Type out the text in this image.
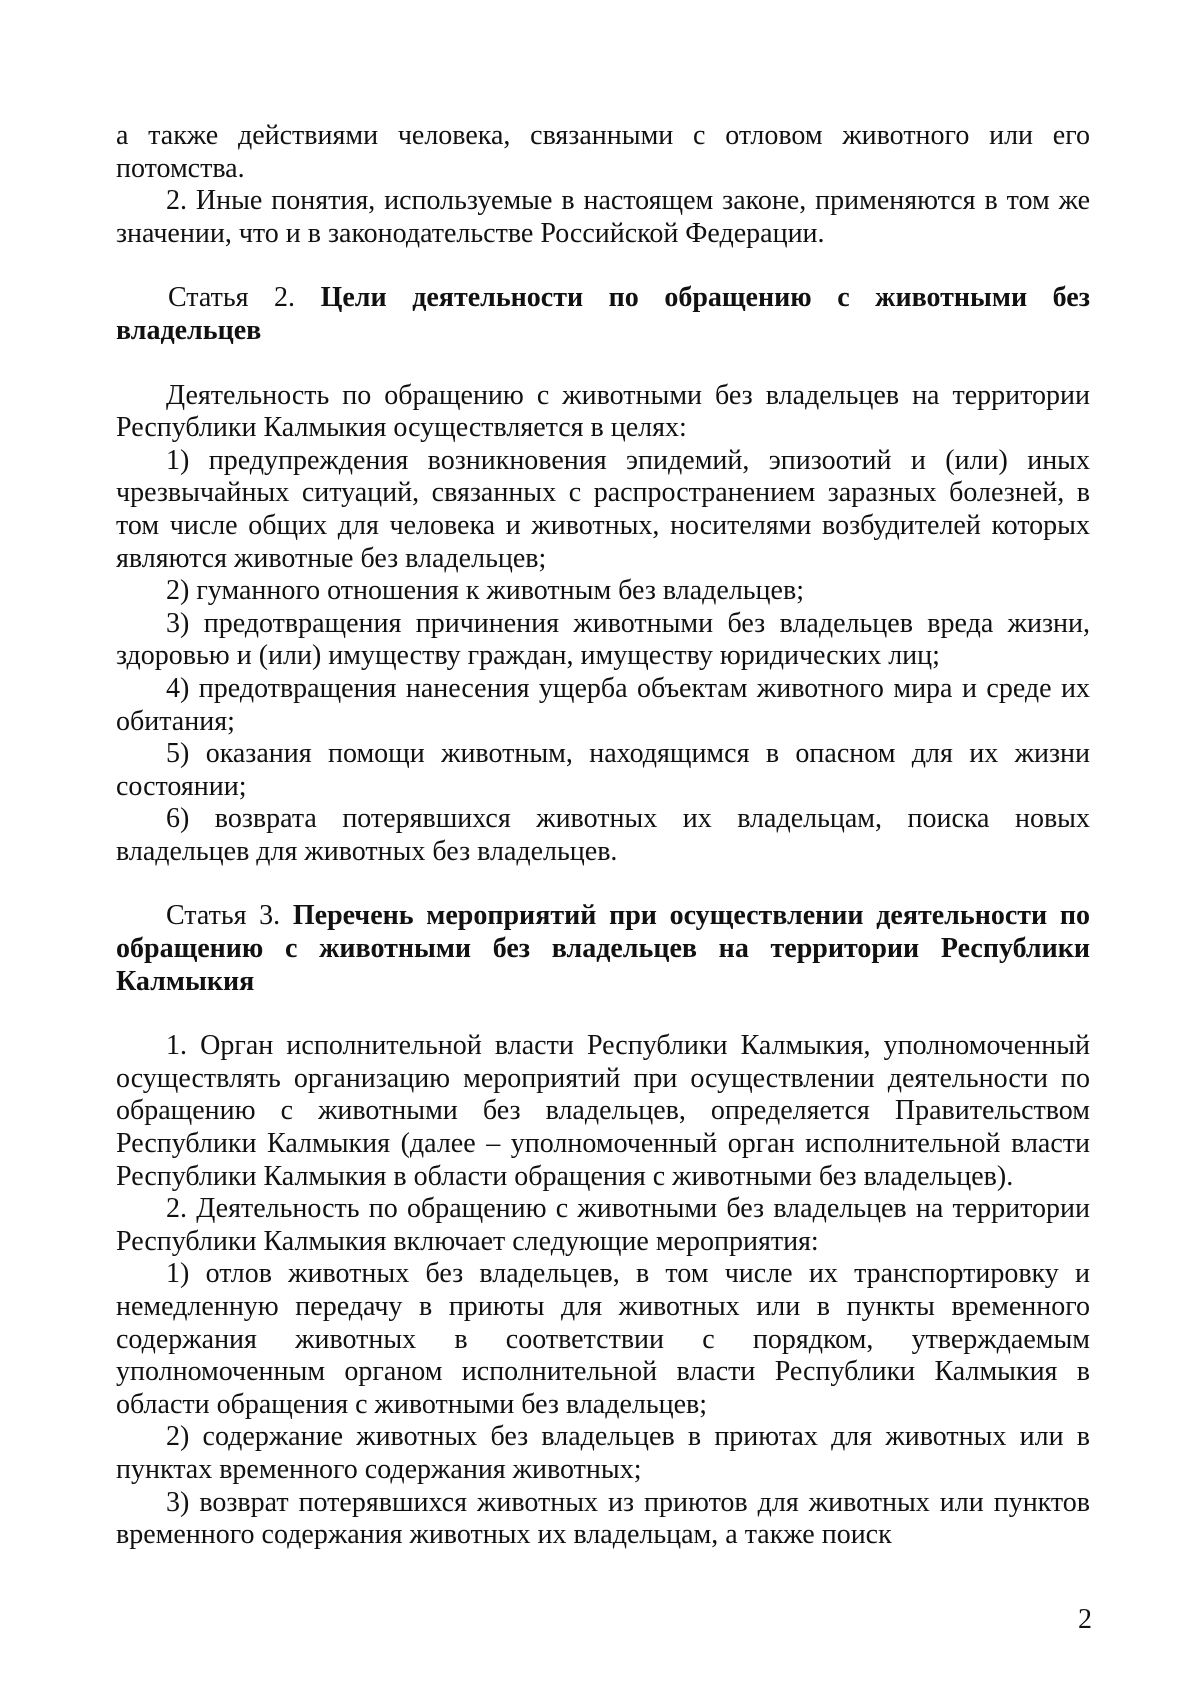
а также действиями человека, связанными с отловом животного или его потомства.

2. Иные понятия, используемые в настоящем законе, применяются в том же значении, что и в законодательстве Российской Федерации.

Статья 2. Цели деятельности по обращению с животными без владельцев

Деятельность по обращению с животными без владельцев на территории Республики Калмыкия осуществляется в целях:

1) предупреждения возникновения эпидемий, эпизоотий и (или) иных чрезвычайных ситуаций, связанных с распространением заразных болезней, в том числе общих для человека и животных, носителями возбудителей которых являются животные без владельцев;

2) гуманного отношения к животным без владельцев;

3) предотвращения причинения животными без владельцев вреда жизни, здоровью и (или) имуществу граждан, имуществу юридических лиц;

4) предотвращения нанесения ущерба объектам животного мира и среде их обитания;

5) оказания помощи животным, находящимся в опасном для их жизни состоянии;

6) возврата потерявшихся животных их владельцам, поиска новых владельцев для животных без владельцев.

Статья 3. Перечень мероприятий при осуществлении деятельности по обращению с животными без владельцев на территории Республики Калмыкия

1. Орган исполнительной власти Республики Калмыкия, уполномоченный осуществлять организацию мероприятий при осуществлении деятельности по обращению с животными без владельцев, определяется Правительством Республики Калмыкия (далее – уполномоченный орган исполнительной власти Республики Калмыкия в области обращения с животными без владельцев).

2. Деятельность по обращению с животными без владельцев на территории Республики Калмыкия включает следующие мероприятия:

1) отлов животных без владельцев, в том числе их транспортировку и немедленную передачу в приюты для животных или в пункты временного содержания животных в соответствии с порядком, утверждаемым уполномоченным органом исполнительной власти Республики Калмыкия в области обращения с животными без владельцев;

2) содержание животных без владельцев в приютах для животных или в пунктах временного содержания животных;

3) возврат потерявшихся животных из приютов для животных или пунктов временного содержания животных их владельцам, а также поиск

2
